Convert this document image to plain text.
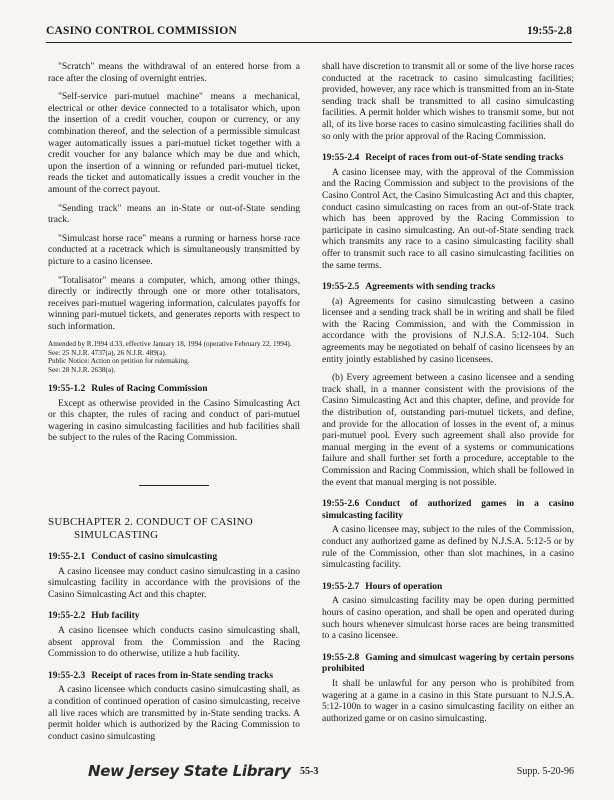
CASINO CONTROL COMMISSION	19:55-2.8

"Scratch" means the withdrawal of an entered horse from a race after the closing of overnight entries.

"Self-service pari-mutuel machine" means a mechanical, electrical or other device connected to a totalisator which, upon the insertion of a credit voucher, coupon or currency, or any combination thereof, and the selection of a permissible simulcast wager automatically issues a pari-mutuel ticket together with a credit voucher for any balance which may be due and which, upon the insertion of a winning or refunded pari-mutuel ticket, reads the ticket and automatically issues a credit voucher in the amount of the correct payout.

"Sending track" means an in-State or out-of-State sending track.

"Simulcast horse race" means a running or harness horse race conducted at a racetrack which is simultaneously transmitted by picture to a casino licensee.

"Totalisator" means a computer, which, among other things, directly or indirectly through one or more other totalisators, receives pari-mutuel wagering information, calculates payoffs for winning pari-mutuel tickets, and generates reports with respect to such information.

Amended by R.1994 d.33, effective January 18, 1994 (operative February 22, 1994).
See: 25 N.J.R. 4737(a), 26 N.J.R. 489(a).
Public Notice: Action on petition for rulemaking.
See: 28 N.J.R. 2638(a).
19:55-1.2 Rules of Racing Commission

Except as otherwise provided in the Casino Simulcasting Act or this chapter, the rules of racing and conduct of pari-mutuel wagering in casino simulcasting facilities and hub facilities shall be subject to the rules of the Racing Commission.

SUBCHAPTER 2. CONDUCT OF CASINO
SIMULCASTING
19:55-2.1 Conduct of casino simulcasting

A casino licensee may conduct casino simulcasting in a casino simulcasting facility in accordance with the provisions of the Casino Simulcasting Act and this chapter.

19:55-2.2 Hub facility

A casino licensee which conducts casino simulcasting shall, absent approval from the Commission and the Racing Commission to do otherwise, utilize a hub facility.

19:55-2.3 Receipt of races from in-State sending tracks

A casino licensee which conducts casino simulcasting shall, as a condition of continued operation of casino simulcasting, receive all live races which are transmitted by in-State sending tracks. A permit holder which is authorized by the Racing Commission to conduct casino simulcasting

shall have discretion to transmit all or some of the live horse races conducted at the racetrack to casino simulcasting facilities; provided, however, any race which is transmitted from an in-State sending track shall be transmitted to all casino simulcasting facilities. A permit holder which wishes to transmit some, but not all, of its live horse races to casino simulcasting facilities shall do so only with the prior approval of the Racing Commission.

19:55-2.4 Receipt of races from out-of-State sending tracks

A casino licensee may, with the approval of the Commission and the Racing Commission and subject to the provisions of the Casino Control Act, the Casino Simulcasting Act and this chapter, conduct casino simulcasting on races from an out-of-State track which has been approved by the Racing Commission to participate in casino simulcasting. An out-of-State sending track which transmits any race to a casino simulcasting facility shall offer to transmit such race to all casino simulcasting facilities on the same terms.

19:55-2.5 Agreements with sending tracks

(a) Agreements for casino simulcasting between a casino licensee and a sending track shall be in writing and shall be filed with the Racing Commission, and with the Commission in accordance with the provisions of N.J.S.A. 5:12-104. Such agreements may be negotiated on behalf of casino licensees by an entity jointly established by casino licensees.

(b) Every agreement between a casino licensee and a sending track shall, in a manner consistent with the provisions of the Casino Simulcasting Act and this chapter, define, and provide for the distribution of, outstanding pari-mutuel tickets, and define, and provide for the allocation of losses in the event of, a minus pari-mutuel pool. Every such agreement shall also provide for manual merging in the event of a systems or communications failure and shall further set forth a procedure, acceptable to the Commission and Racing Commission, which shall be followed in the event that manual merging is not possible.

19:55-2.6 Conduct of authorized games in a casino simulcasting facility

A casino licensee may, subject to the rules of the Commission, conduct any authorized game as defined by N.J.S.A. 5:12-5 or by rule of the Commission, other than slot machines, in a casino simulcasting facility.

19:55-2.7 Hours of operation

A casino simulcasting facility may be open during permitted hours of casino operation, and shall be open and operated during such hours whenever simulcast horse races are being transmitted to a casino licensee.

19:55-2.8 Gaming and simulcast wagering by certain persons prohibited

It shall be unlawful for any person who is prohibited from wagering at a game in a casino in this State pursuant to N.J.S.A. 5:12-100n to wager in a casino simulcasting facility on either an authorized game or on casino simulcasting.

New Jersey State Library 55-3	Supp. 5-20-96
